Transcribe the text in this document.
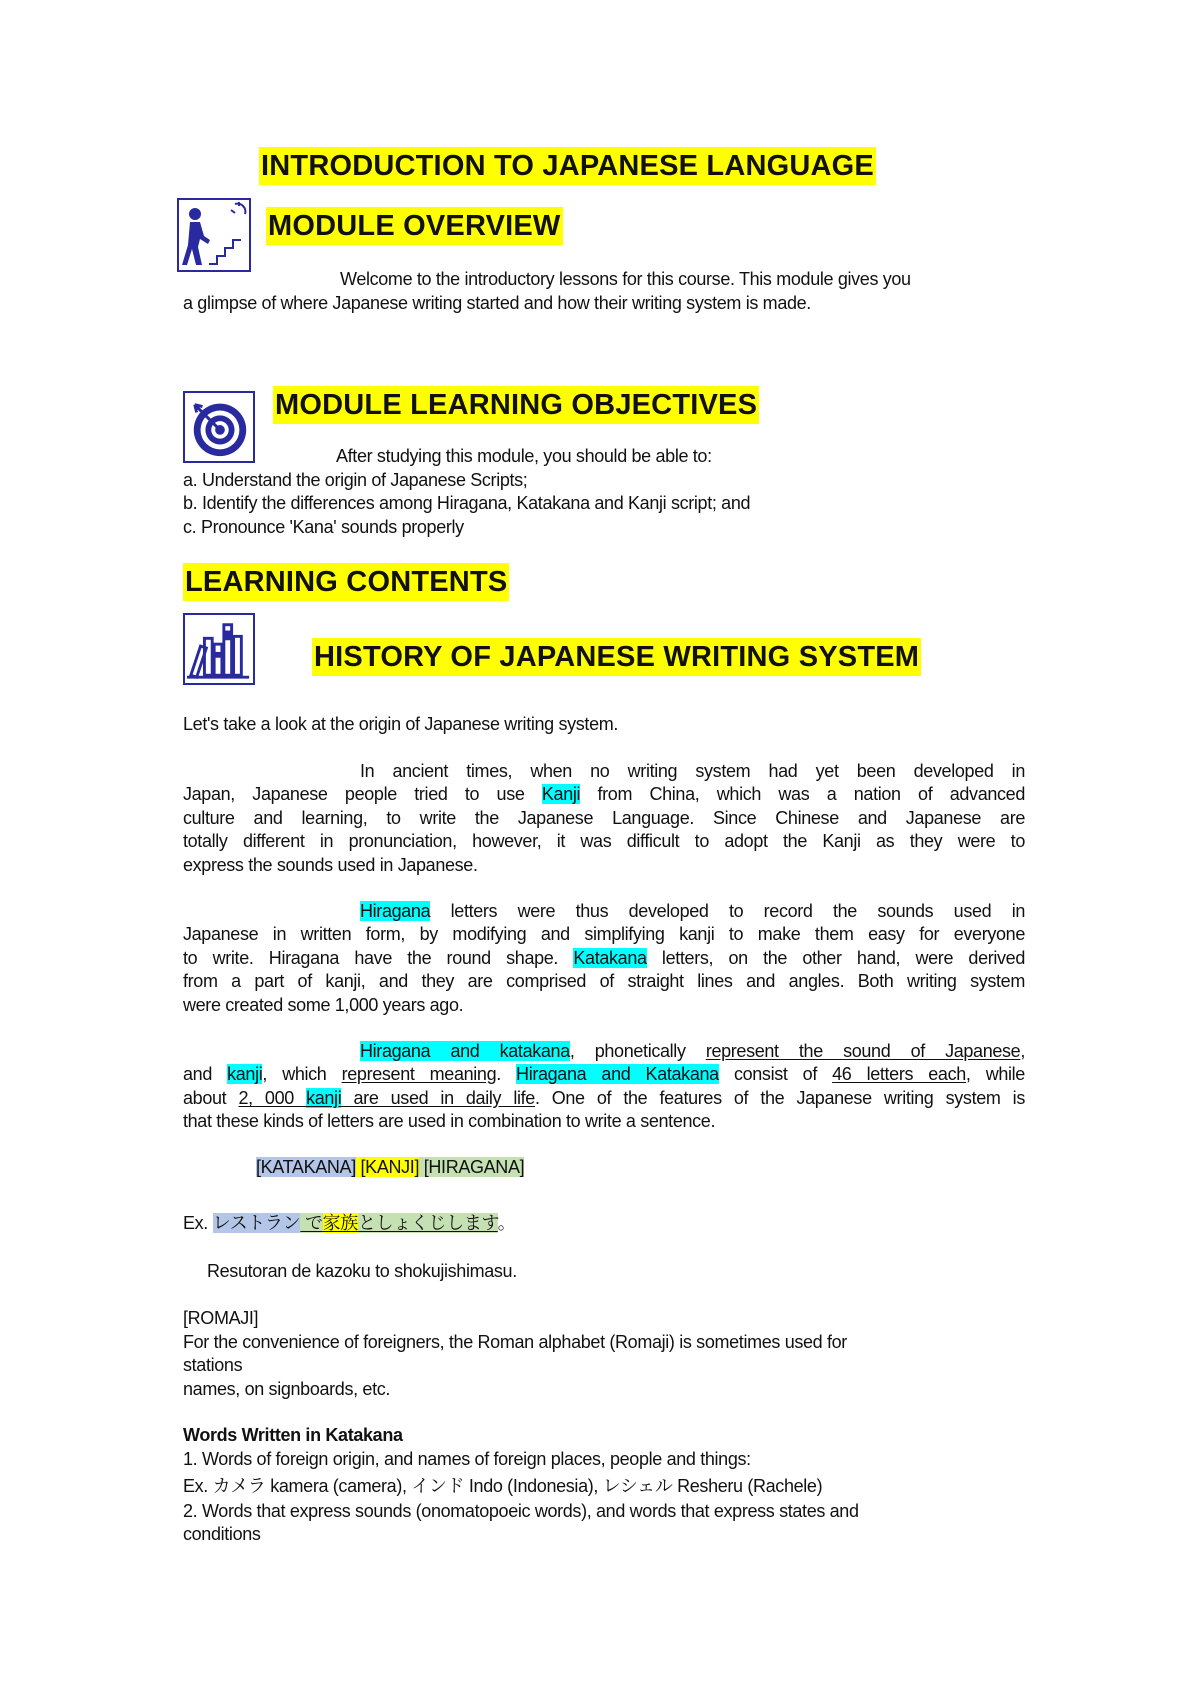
INTRODUCTION TO JAPANESE LANGUAGE
MODULE OVERVIEW
Welcome to the introductory lessons for this course. This module gives you
a glimpse of where Japanese writing started and how their writing system is made.
MODULE LEARNING OBJECTIVES
After studying this module, you should be able to:
a. Understand the origin of Japanese Scripts;
b. Identify the differences among Hiragana, Katakana and Kanji script; and
c. Pronounce 'Kana' sounds properly
LEARNING CONTENTS
HISTORY OF JAPANESE WRITING SYSTEM
Let's take a look at the origin of Japanese writing system.
In ancient times, when no writing system had yet been developed in
Japan, Japanese people tried to use Kanji from China, which was a nation of advanced
culture and learning, to write the Japanese Language. Since Chinese and Japanese are
totally different in pronunciation, however, it was difficult to adopt the Kanji as they were to
express the sounds used in Japanese.
Hiragana letters were thus developed to record the sounds used in
Japanese in written form, by modifying and simplifying kanji to make them easy for everyone
to write. Hiragana have the round shape. Katakana letters, on the other hand, were derived
from a part of kanji, and they are comprised of straight lines and angles. Both writing system
were created some 1,000 years ago.
Hiragana and katakana, phonetically represent the sound of Japanese,
and kanji, which represent meaning. Hiragana and Katakana consist of 46 letters each, while
about 2, 000 kanji are used in daily life. One of the features of the Japanese writing system is
that these kinds of letters are used in combination to write a sentence.
[KATAKANA] [KANJI] [HIRAGANA]
Ex. レストラン で家族としょくじします。
Resutoran de kazoku to shokujishimasu.
[ROMAJI]
For the convenience of foreigners, the Roman alphabet (Romaji) is sometimes used for
stations
names, on signboards, etc.
Words Written in Katakana
1. Words of foreign origin, and names of foreign places, people and things:
Ex. カメラ kamera (camera), インド Indo (Indonesia), レシェル Resheru (Rachele)
2. Words that express sounds (onomatopoeic words), and words that express states and
conditions
